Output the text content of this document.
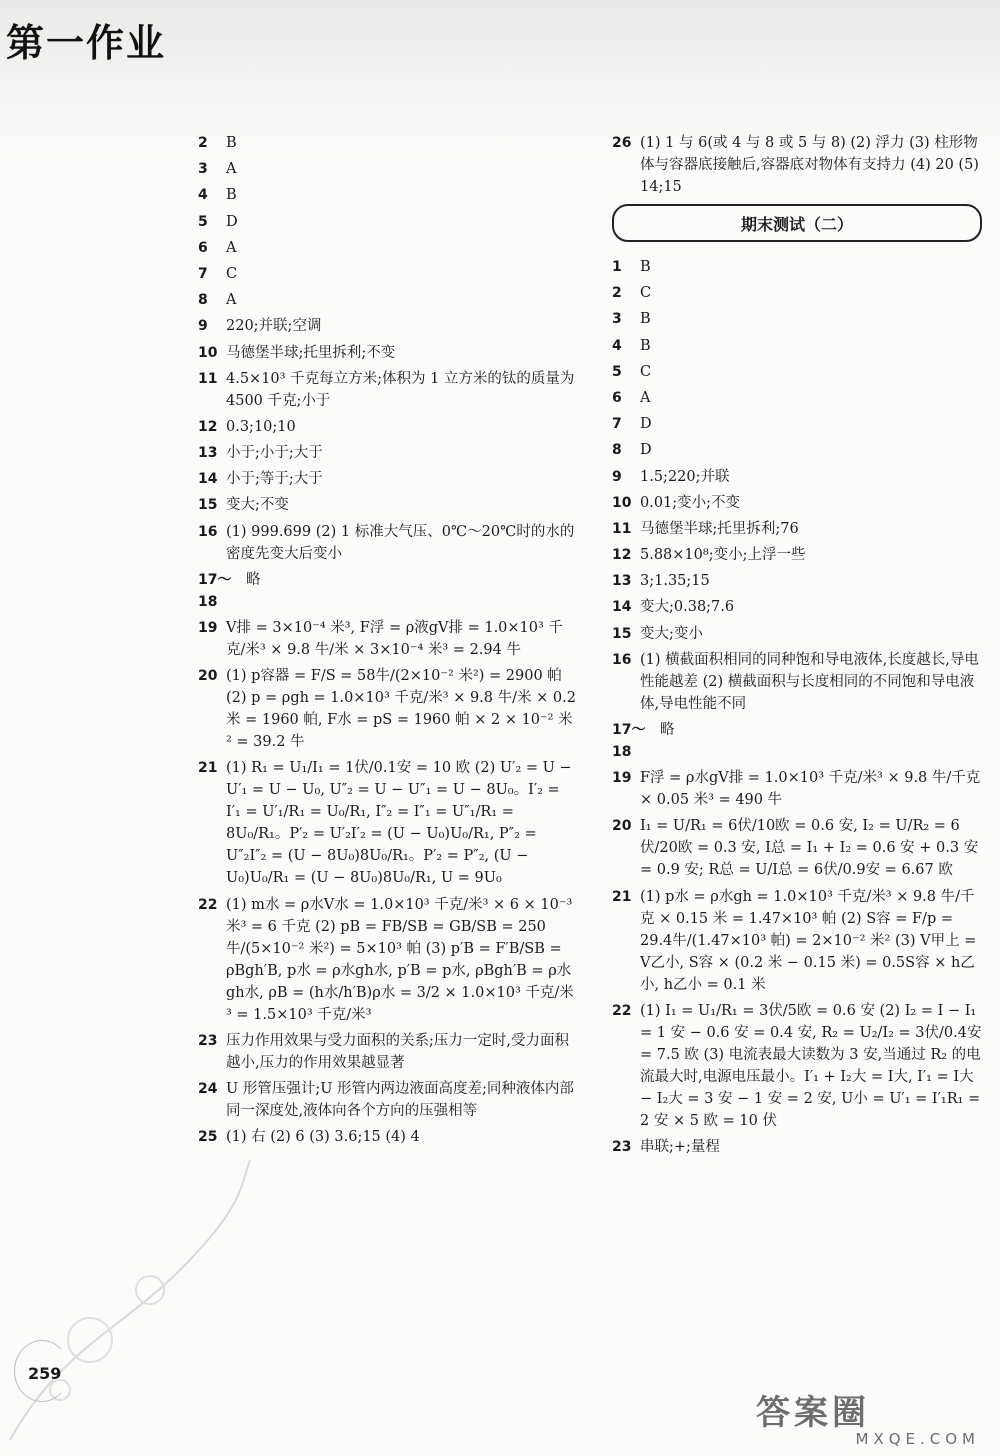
第一作业
2	B
3	A
4	B
5	D
6	A
7	C
8	A
9	220;并联;空调
10 马德堡半球;托里拆利;不变
11 4.5×10³ 千克每立方米;体积为 1 立方米的钛的质量为 4500 千克;小于
12 0.3;10;10
13 小于;小于;大于
14 小于;等于;大于
15 变大;不变
16 (1) 999.699 (2) 1 标准大气压、0℃～20℃时的水的密度先变大后变小
17～18
略
19 V排 = 3×10⁻⁴ 米³, F浮 = ρ液gV排 = 1.0×10³ 千克/米³ × 9.8 牛/米 × 3×10⁻⁴ 米³ = 2.94 牛
20 (1) p容器 = F/S = 58牛/(2×10⁻² 米²) = 2900 帕 (2) p = ρgh = 1.0×10³ 千克/米³ × 9.8 牛/米 × 0.2 米 = 1960 帕, F水 = pS = 1960 帕 × 2 × 10⁻² 米² = 39.2 牛
21 (1) R₁ = U₁/I₁ = 1伏/0.1安 = 10 欧 (2) U′₂ = U − U′₁ = U − U₀, U″₂ = U − U″₁ = U − 8U₀。I′₂ = I′₁ = U′₁/R₁ = U₀/R₁, I″₂ = I″₁ = U″₁/R₁ = 8U₀/R₁。P′₂ = U′₂I′₂ = (U − U₀)U₀/R₁, P″₂ = U″₂I″₂ = (U − 8U₀)8U₀/R₁。P′₂ = P″₂, (U − U₀)U₀/R₁ = (U − 8U₀)8U₀/R₁, U = 9U₀
22 (1) m水 = ρ水V水 = 1.0×10³ 千克/米³ × 6 × 10⁻³ 米³ = 6 千克 (2) pB = FB/SB = GB/SB = 250牛/(5×10⁻² 米²) = 5×10³ 帕 (3) p′B = F′B/SB = ρBgh′B, p水 = ρ水gh水, p′B = p水, ρBgh′B = ρ水gh水, ρB = (h水/h′B)ρ水 = 3/2 × 1.0×10³ 千克/米³ = 1.5×10³ 千克/米³
23 压力作用效果与受力面积的关系;压力一定时,受力面积越小,压力的作用效果越显著
24 U 形管压强计;U 形管内两边液面高度差;同种液体内部同一深度处,液体向各个方向的压强相等
25 (1) 右 (2) 6 (3) 3.6;15 (4) 4
26 (1) 1 与 6(或 4 与 8 或 5 与 8) (2) 浮力 (3) 柱形物体与容器底接触后,容器底对物体有支持力 (4) 20 (5) 14;15
期末测试（二）
1	B
2	C
3	B
4	B
5	C
6	A
7	D
8	D
9	1.5;220;并联
10 0.01;变小;不变
11 马德堡半球;托里拆利;76
12 5.88×10⁸;变小;上浮一些
13 3;1.35;15
14 变大;0.38;7.6
15 变大;变小
16 (1) 横截面积相同的同种饱和导电液体,长度越长,导电性能越差 (2) 横截面积与长度相同的不同饱和导电液体,导电性能不同
17～18
略
19 F浮 = ρ水gV排 = 1.0×10³ 千克/米³ × 9.8 牛/千克 × 0.05 米³ = 490 牛
20 I₁ = U/R₁ = 6伏/10欧 = 0.6 安, I₂ = U/R₂ = 6伏/20欧 = 0.3 安, I总 = I₁ + I₂ = 0.6 安 + 0.3 安 = 0.9 安; R总 = U/I总 = 6伏/0.9安 = 6.67 欧
21 (1) p水 = ρ水gh = 1.0×10³ 千克/米³ × 9.8 牛/千克 × 0.15 米 = 1.47×10³ 帕 (2) S容 = F/p = 29.4牛/(1.47×10³ 帕) = 2×10⁻² 米² (3) V甲上 = V乙小, S容 × (0.2 米 − 0.15 米) = 0.5S容 × h乙小, h乙小 = 0.1 米
22 (1) I₁ = U₁/R₁ = 3伏/5欧 = 0.6 安 (2) I₂ = I − I₁ = 1 安 − 0.6 安 = 0.4 安, R₂ = U₂/I₂ = 3伏/0.4安 = 7.5 欧 (3) 电流表最大读数为 3 安,当通过 R₂ 的电流最大时,电源电压最小。I′₁ + I₂大 = I大, I′₁ = I大 − I₂大 = 3 安 − 1 安 = 2 安, U小 = U′₁ = I′₁R₁ = 2 安 × 5 欧 = 10 伏
23 串联;+;量程
259
答案圈
MXQE.COM
